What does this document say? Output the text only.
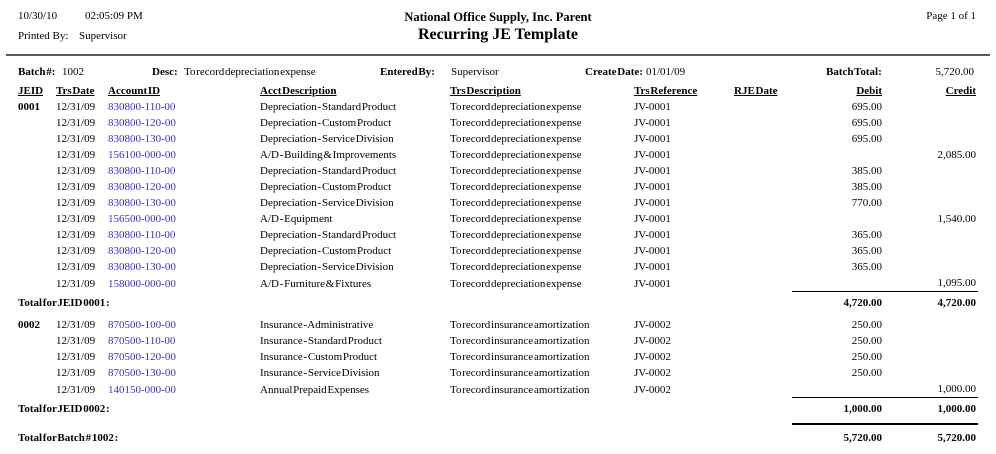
10/30/10	02:05:09 PM
Printed By: Supervisor
National Office Supply, Inc. Parent
Recurring JE Template
Page 1 of 1
Batch #: 1002	Desc: To record depreciation expense	Entered By: Supervisor	Create Date: 01/01/09	Batch Total:	5,720.00
JEID	Trs Date	Account ID	Acct Description	Trs Description	Trs Reference	RJE Date	Debit	Credit
0001	12/31/09	830800-110-00	Depreciation - Standard Product	To record depreciation expense	JV-0001		695.00	
	12/31/09	830800-120-00	Depreciation - Custom Product	To record depreciation expense	JV-0001		695.00	
	12/31/09	830800-130-00	Depreciation - Service Division	To record depreciation expense	JV-0001		695.00	
	12/31/09	156100-000-00	A/D - Building & Improvements	To record depreciation expense	JV-0001			2,085.00
	12/31/09	830800-110-00	Depreciation - Standard Product	To record depreciation expense	JV-0001		385.00	
	12/31/09	830800-120-00	Depreciation - Custom Product	To record depreciation expense	JV-0001		385.00	
	12/31/09	830800-130-00	Depreciation - Service Division	To record depreciation expense	JV-0001		770.00	
	12/31/09	156500-000-00	A/D - Equipment	To record depreciation expense	JV-0001			1,540.00
	12/31/09	830800-110-00	Depreciation - Standard Product	To record depreciation expense	JV-0001		365.00	
	12/31/09	830800-120-00	Depreciation - Custom Product	To record depreciation expense	JV-0001		365.00	
	12/31/09	830800-130-00	Depreciation - Service Division	To record depreciation expense	JV-0001		365.00	
	12/31/09	158000-000-00	A/D - Furniture & Fixtures	To record depreciation expense	JV-0001			1,095.00
Total for JEID 0001 :							4,720.00	4,720.00

0002	12/31/09	870500-100-00	Insurance - Administrative	To record insurance amortization	JV-0002		250.00	
	12/31/09	870500-110-00	Insurance - Standard Product	To record insurance amortization	JV-0002		250.00	
	12/31/09	870500-120-00	Insurance - Custom Product	To record insurance amortization	JV-0002		250.00	
	12/31/09	870500-130-00	Insurance - Service Division	To record insurance amortization	JV-0002		250.00	
	12/31/09	140150-000-00	Annual Prepaid Expenses	To record insurance amortization	JV-0002			1,000.00
Total for JEID 0002 :							1,000.00	1,000.00

Total for Batch # 1002 :							5,720.00	5,720.00
